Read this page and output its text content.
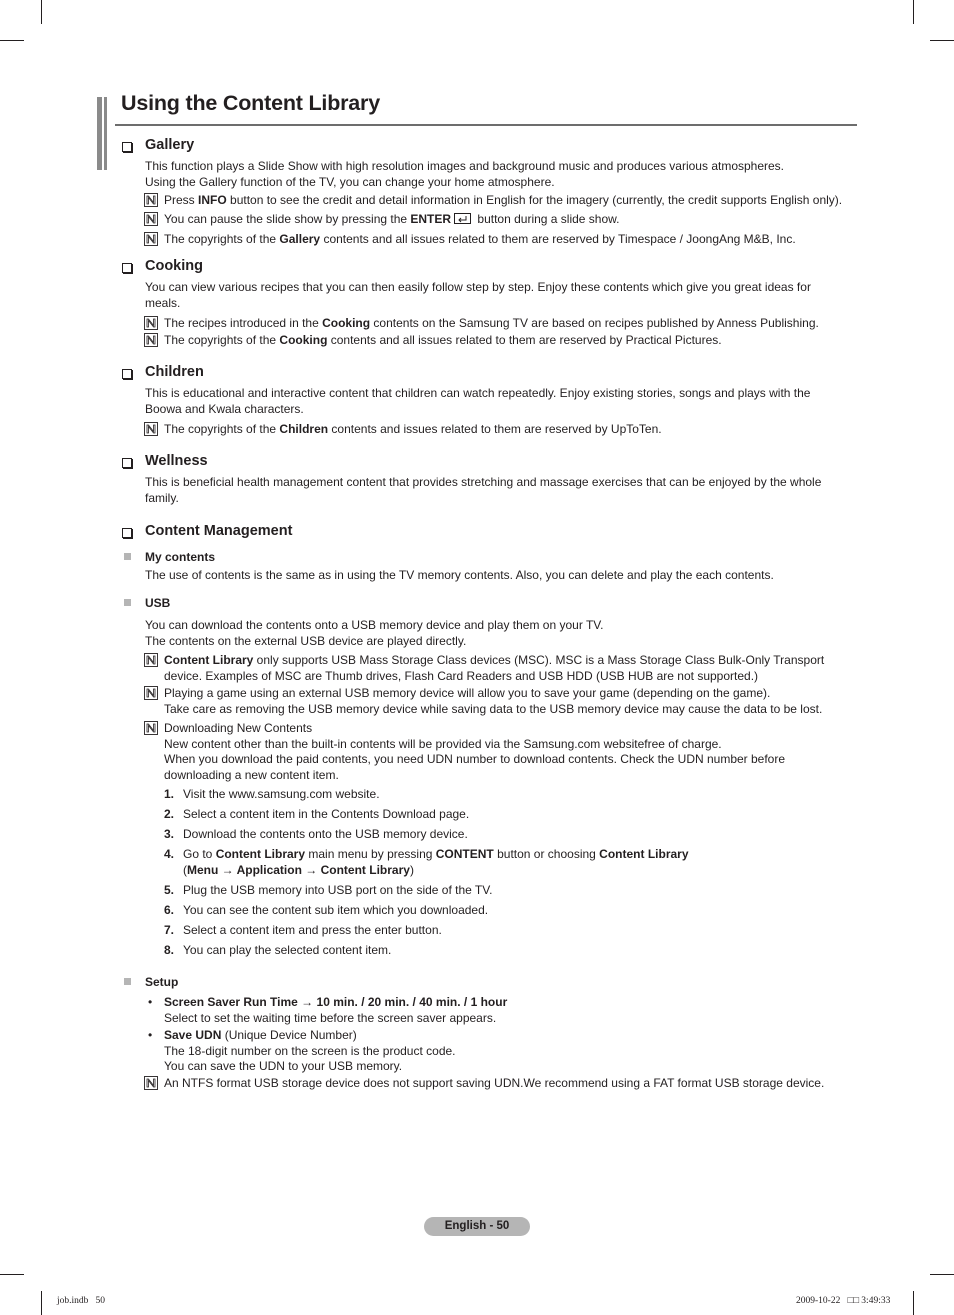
Using the Content Library
Gallery
This function plays a Slide Show with high resolution images and background music and produces various atmospheres.
Using the Gallery function of the TV, you can change your home atmosphere.
Press INFO button to see the credit and detail information in English for the imagery (currently, the credit supports English only).
You can pause the slide show by pressing the ENTER button during a slide show.
The copyrights of the Gallery contents and all issues related to them are reserved by Timespace / JoongAng M&B, Inc.
Cooking
You can view various recipes that you can then easily follow step by step. Enjoy these contents which give you great ideas for
meals.
The recipes introduced in the Cooking contents on the Samsung TV are based on recipes published by Anness Publishing.
The copyrights of the Cooking contents and all issues related to them are reserved by Practical Pictures.
Children
This is educational and interactive content that children can watch repeatedly. Enjoy existing stories, songs and plays with the
Boowa and Kwala characters.
The copyrights of the Children contents and issues related to them are reserved by UpToTen.
Wellness
This is beneficial health management content that provides stretching and massage exercises that can be enjoyed by the whole
family.
Content Management
My contents
The use of contents is the same as in using the TV memory contents. Also, you can delete and play the each contents.
USB
You can download the contents onto a USB memory device and play them on your TV.
The contents on the external USB device are played directly.
Content Library only supports USB Mass Storage Class devices (MSC). MSC is a Mass Storage Class Bulk-Only Transport
device. Examples of MSC are Thumb drives, Flash Card Readers and USB HDD (USB HUB are not supported.)
Playing a game using an external USB memory device will allow you to save your game (depending on the game).
Take care as removing the USB memory device while saving data to the USB memory device may cause the data to be lost.
Downloading New Contents
New content other than the built-in contents will be provided via the Samsung.com websitefree of charge.
When you download the paid contents, you need UDN number to download contents. Check the UDN number before
downloading a new content item.
1. Visit the www.samsung.com website.
2. Select a content item in the Contents Download page.
3. Download the contents onto the USB memory device.
4. Go to Content Library main menu by pressing CONTENT button or choosing Content Library
(Menu → Application → Content Library)
5. Plug the USB memory into USB port on the side of the TV.
6. You can see the content sub item which you downloaded.
7. Select a content item and press the enter button.
8. You can play the selected content item.
Setup
• Screen Saver Run Time → 10 min. / 20 min. / 40 min. / 1 hour
Select to set the waiting time before the screen saver appears.
• Save UDN (Unique Device Number)
The 18-digit number on the screen is the product code.
You can save the UDN to your USB memory.
An NTFS format USB storage device does not support saving UDN.We recommend using a FAT format USB storage device.
English - 50
job.indb   50	2009-10-22   □□ 3:49:33
